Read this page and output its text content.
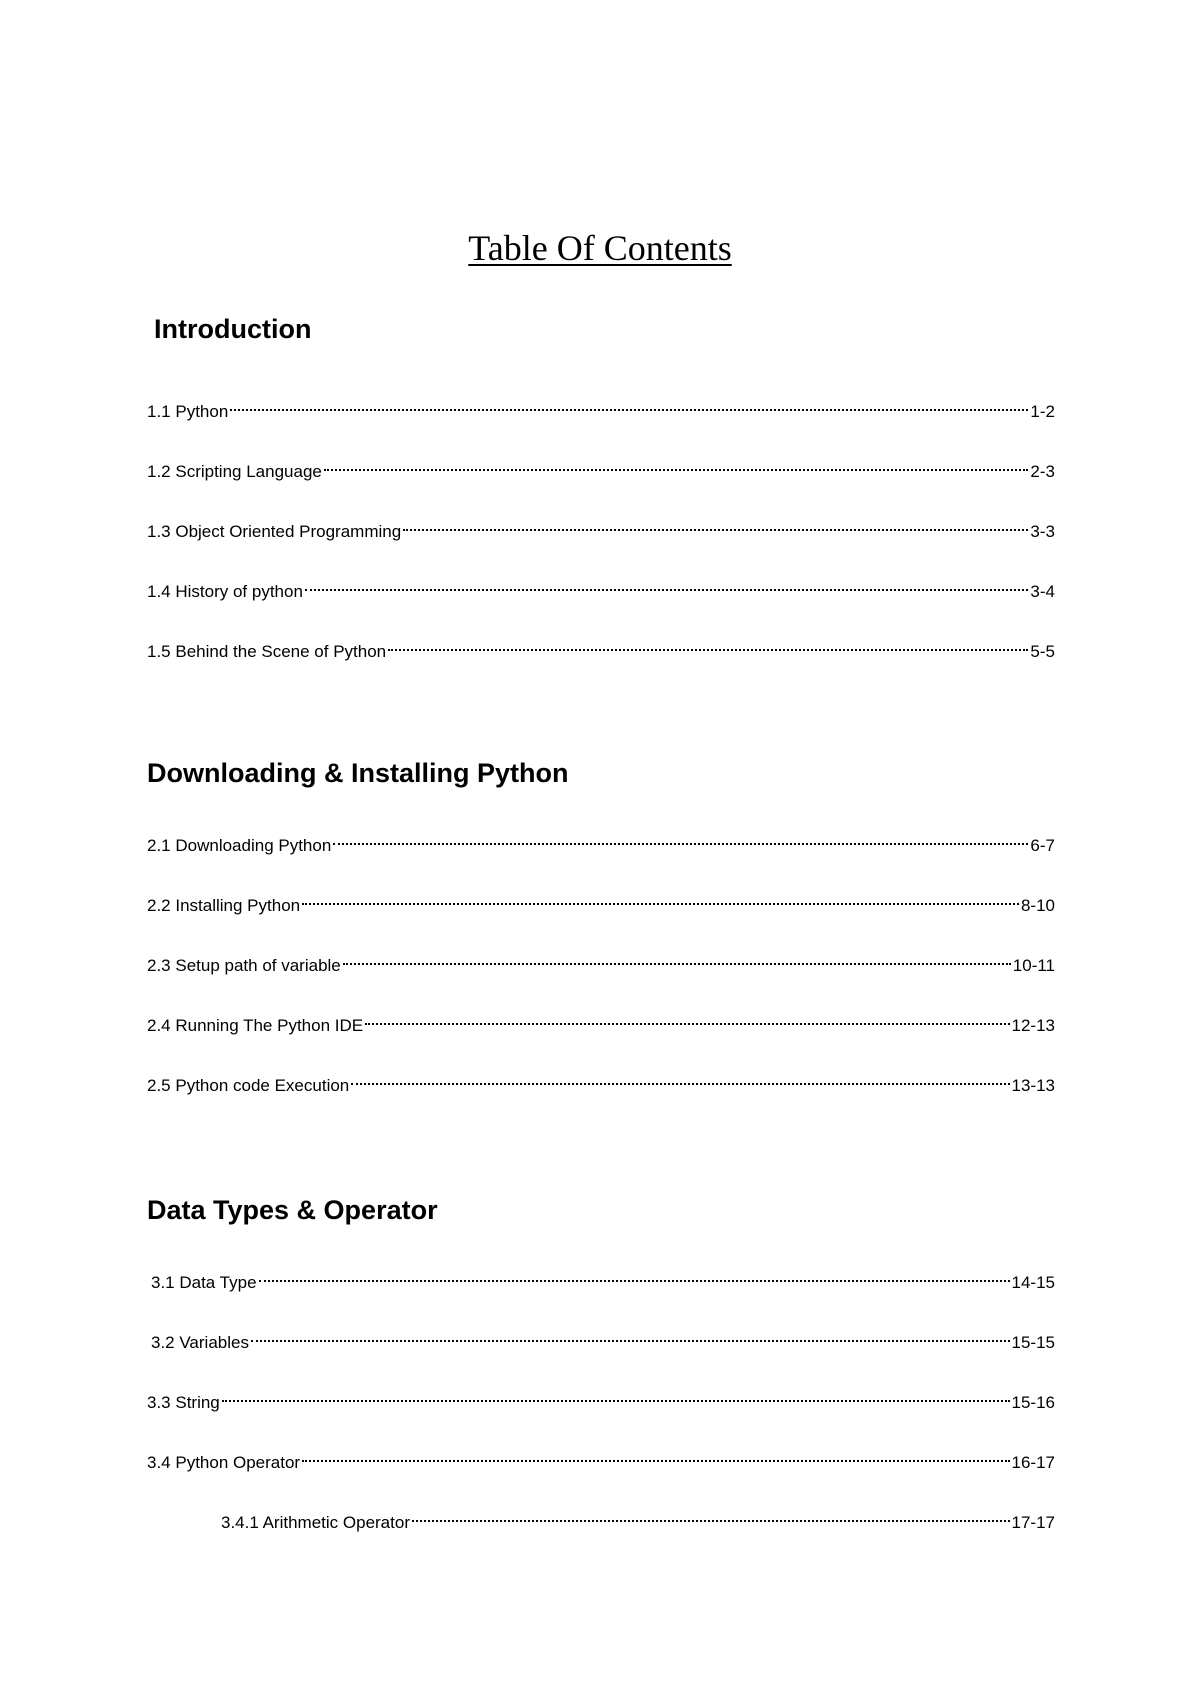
Table Of Contents
Introduction
1.1 Python	1-2
1.2 Scripting Language	2-3
1.3 Object Oriented Programming	3-3
1.4 History of python	3-4
1.5 Behind the Scene of Python	5-5
Downloading & Installing Python
2.1 Downloading Python	6-7
2.2 Installing Python	8-10
2.3 Setup path of variable	10-11
2.4 Running The Python IDE	12-13
2.5 Python code Execution	13-13
Data Types & Operator
3.1 Data Type	14-15
3.2 Variables	15-15
3.3 String	15-16
3.4 Python Operator	16-17
3.4.1 Arithmetic Operator	17-17
